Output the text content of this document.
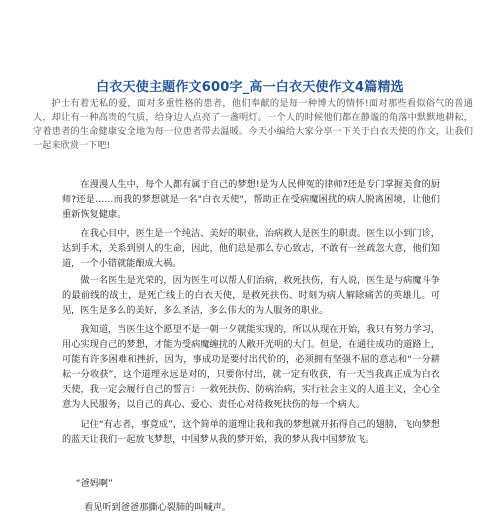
白衣天使主题作文600字_高一白衣天使作文4篇精选

护士有着无私的爱，面对多重性格的患者，他们奉献的是每一种博大的情怀!面对那些看似俗气的普通人，却让有一种高贵的气质，给身边人点亮了一盏明灯。一个人的时候他们都在静谧的角落中默默地耕耘，守着患者的生命健康安全地为每一位患者带去温暖。今天小编给大家分享一下关于白衣天使的作文，让我们一起来欣赏一下吧!

在漫漫人生中，每个人都有属于自己的梦想!是为人民伸冤的律师?还是专门掌握美食的厨师?还是……而我的梦想就是一名"白衣天使"，帮助正在受病魔困扰的病人脱离困境，让他们重新恢复健康。

在我心目中，医生是一个纯洁、美好的职业，治病救人是医生的职责。医生以小到门诊，达到手术，关系到别人的生命，因此，他们总是那么专心致志，不敢有一丝疏忽大意，他们知道，一个小错就能酿成大祸。

做一名医生是光荣的，因为医生可以帮人们治病，救死扶伤，有人说，医生是与病魔斗争的最前线的战士，是死亡线上的白衣天使，是救死扶伤、时刻为病人解除痛苦的英雄儿。可见，医生是多么的美好，多么圣洁，多么伟大的为人服务的职业。

我知道，当医生这个愿望不是一朝一夕就能实现的，所以从现在开始，我只有努力学习，用心实现自己的梦想，才能为受病魔缠扰的人敞开光明的大门。但是，在通往成功的道路上，可能有许多困难和挫折，因为，事成功是要付出代价的，必须拥有坚强不屈的意志和“一分耕耘一分收获”，这个道理永远是对的，只要你付出，就一定有收获，有一天当我真正成为白衣天使，我一定会履行自己的誓言：一救死扶伤、防病治病，实行社会主义的人道主义，全心全意为人民服务，以自己的真心、爱心、责任心对待救死扶伤的每一个病人。

记住“有志者，事竟成”，这个简单的道理让我和我的梦想就开拓得自己的翅膀，飞向梦想的蓝天让我们一起放飞梦想，中国梦从我的梦开始，我的梦从我中国梦放飞。

“爸妈啊”

看见听到爸爸那撕心裂肺的叫喊声。
